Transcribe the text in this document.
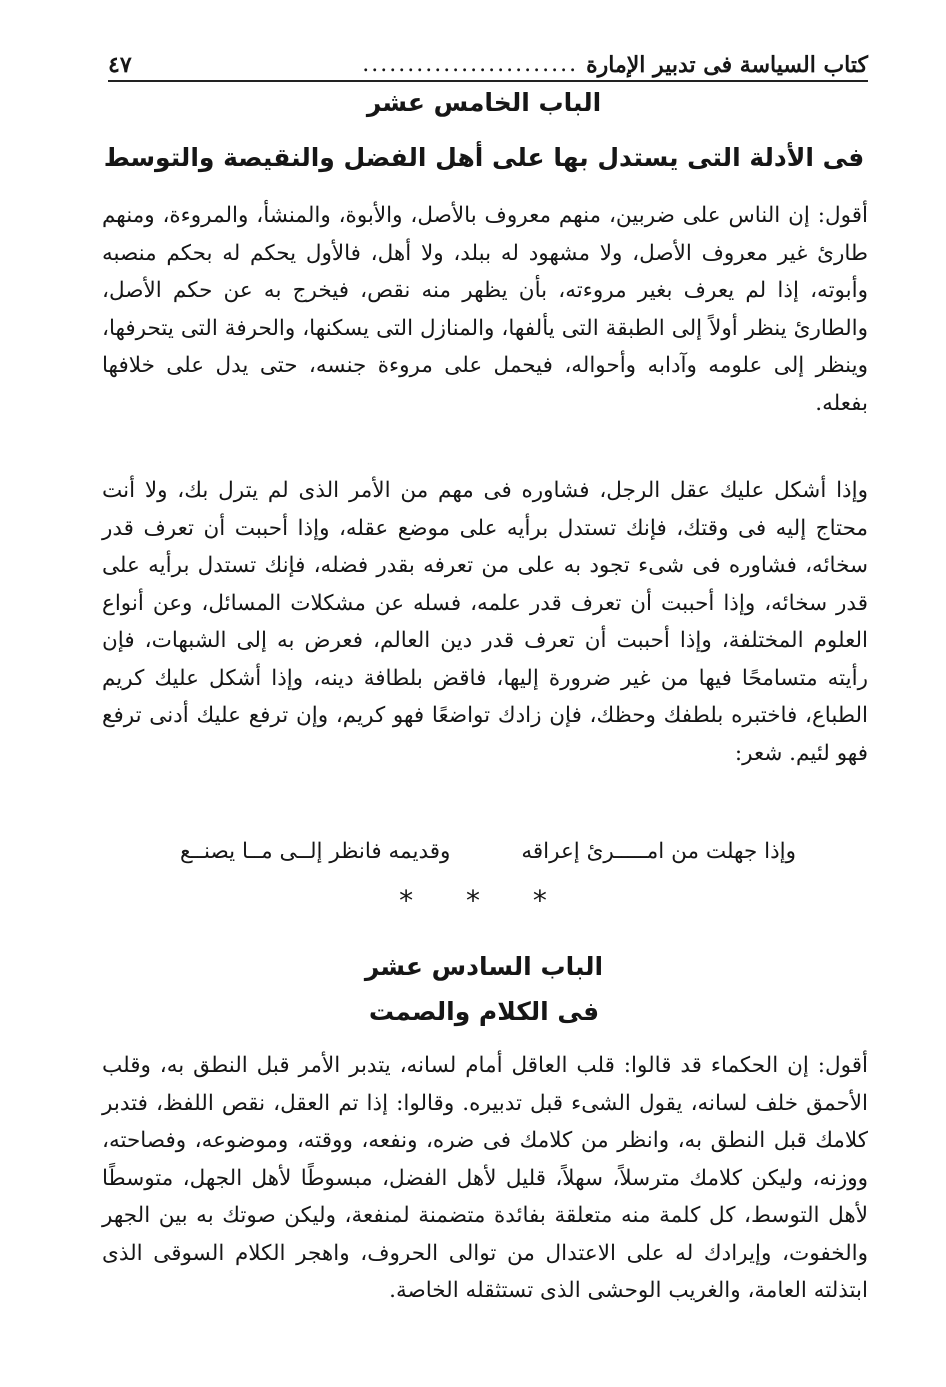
كتاب السياسة فى تدبير الإمارة
........................
٤٧
الباب الخامس عشر
فى الأدلة التى يستدل بها على أهل الفضل والنقيصة والتوسط

أقول: إن الناس على ضربين، منهم معروف بالأصل، والأبوة، والمنشأ، والمروءة، ومنهم طارئ غير معروف الأصل، ولا مشهود له ببلد، ولا أهل، فالأول يحكم له بحكم منصبه وأبوته، إذا لم يعرف بغير مروءته، بأن يظهر منه نقص، فيخرج به عن حكم الأصل، والطارئ ينظر أولاً إلى الطبقة التى يألفها، والمنازل التى يسكنها، والحرفة التى يتحرفها، وينظر إلى علومه وآدابه وأحواله، فيحمل على مروءة جنسه، حتى يدل على خلافها بفعله.

وإذا أشكل عليك عقل الرجل، فشاوره فى مهم من الأمر الذى لم يترل بك، ولا أنت محتاج إليه فى وقتك، فإنك تستدل برأيه على موضع عقله، وإذا أحببت أن تعرف قدر سخائه، فشاوره فى شىء تجود به على من تعرفه بقدر فضله، فإنك تستدل برأيه على قدر سخائه، وإذا أحببت أن تعرف قدر علمه، فسله عن مشكلات المسائل، وعن أنواع العلوم المختلفة، وإذا أحببت أن تعرف قدر دين العالم، فعرض به إلى الشبهات، فإن رأيته متسامحًا فيها من غير ضرورة إليها، فاقض بلطافة دينه، وإذا أشكل عليك كريم الطباع، فاختبره بلطفك وحظك، فإن زادك تواضعًا فهو كريم، وإن ترفع عليك أدنى ترفع فهو لئيم. شعر:

وإذا جهلت من امـــــرئ إعراقه
وقديمه فانظر إلــى مــا يصنــع
* * *
الباب السادس عشر
فى الكلام والصمت

أقول: إن الحكماء قد قالوا: قلب العاقل أمام لسانه، يتدبر الأمر قبل النطق به، وقلب الأحمق خلف لسانه، يقول الشىء قبل تدبيره. وقالوا: إذا تم العقل، نقص اللفظ، فتدبر كلامك قبل النطق به، وانظر من كلامك فى ضره، ونفعه، ووقته، وموضوعه، وفصاحته، ووزنه، وليكن كلامك مترسلاً، سهلاً، قليل لأهل الفضل، مبسوطًا لأهل الجهل، متوسطًا لأهل التوسط، كل كلمة منه متعلقة بفائدة متضمنة لمنفعة، وليكن صوتك به بين الجهر والخفوت، وإيرادك له على الاعتدال من توالى الحروف، واهجر الكلام السوقى الذى ابتذلته العامة، والغريب الوحشى الذى تستثقله الخاصة.
